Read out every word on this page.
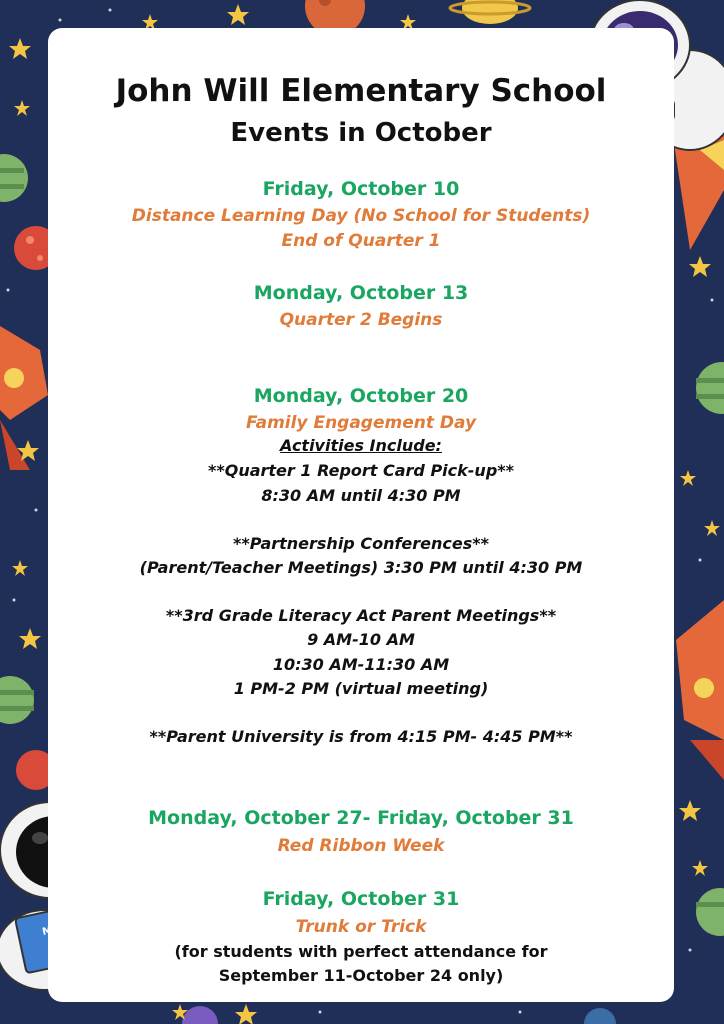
John Will Elementary School
Events in October
Friday, October 10
Distance Learning Day (No School for Students)
End of Quarter 1
Monday, October 13
Quarter 2 Begins
Monday, October 20
Family Engagement Day
Activities Include:
**Quarter 1 Report Card Pick-up**
8:30 AM until 4:30 PM
**Partnership Conferences**
(Parent/Teacher Meetings) 3:30 PM until 4:30 PM
**3rd Grade Literacy Act Parent Meetings**
9 AM-10 AM
10:30 AM-11:30 AM
1 PM-2 PM (virtual meeting)
**Parent University is from 4:15 PM- 4:45 PM**
Monday, October 27- Friday, October 31
Red Ribbon Week
Friday, October 31
Trunk or Trick
(for students with perfect attendance for
September 11-October 24 only)
MARS
